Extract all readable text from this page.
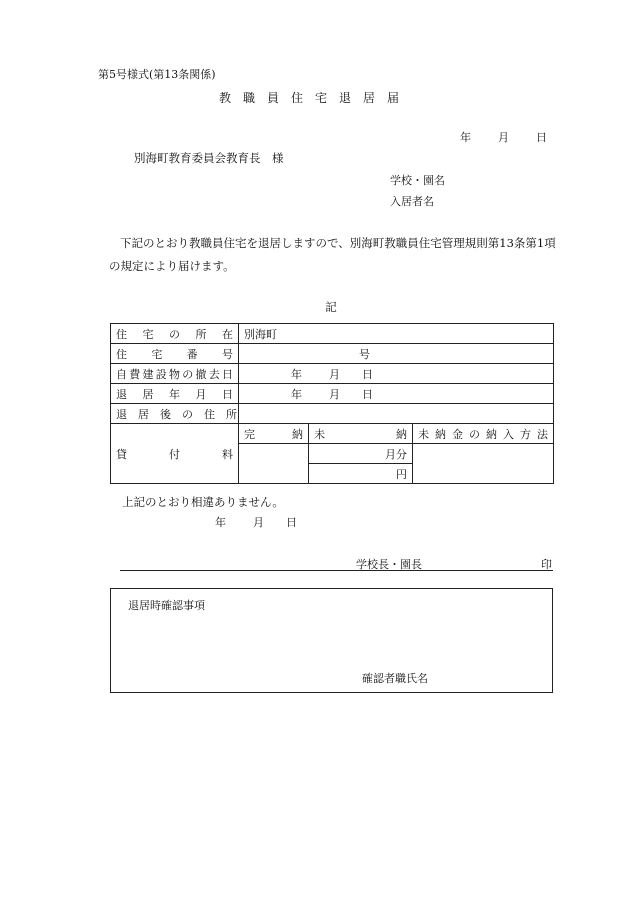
第5号様式(第13条関係)
教職員住宅退居届
年 月 日
別海町教育委員会教育長　様
学校・園名
入居者名
下記のとおり教職員住宅を退居しますので、別海町教職員住宅管理規則第13条第1項
の規定により届けます。
記
住　宅　の　所　在	別海町		
住　宅　番　号	号		
自費建設物の撤去日	年 月 日		
退　居　年　月　日	年 月 日		
退　居　後　の　住　所			
貸　　付　　料	完　　納	未　　　納	未納金の納入方法
		月分	
		円	
上記のとおり相違ありません。
年 月 日
学校長・園長	印
退居時確認事項
確認者職氏名
